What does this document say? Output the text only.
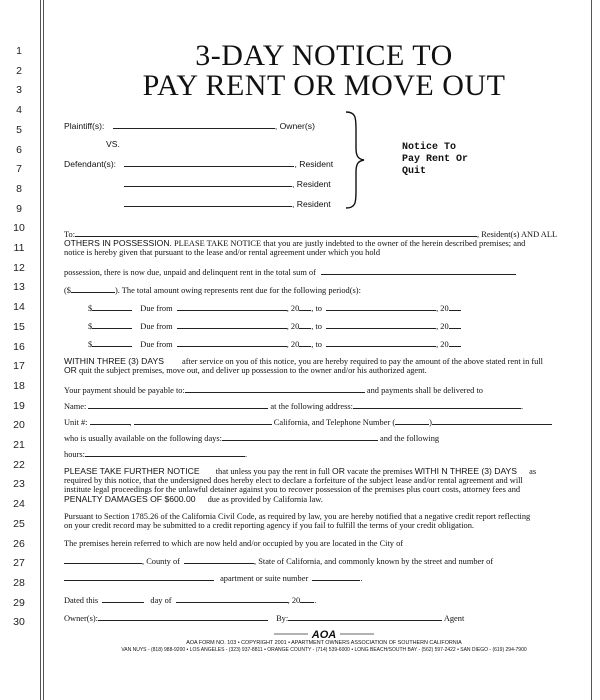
1
2
3
4
5
6
7
8
9
10
11
12
13
14
15
16
17
18
19
20
21
22
23
24
25
26
27
28
29
30
3-DAY NOTICE TO
PAY RENT OR MOVE OUT
Plaintiff(s):	, Owner(s)
VS.
Defendant(s):	, Resident
, Resident
, Resident
Notice To
Pay Rent Or
Quit
To:	, Resident(s) AND ALL
OTHERS IN POSSESSION. PLEASE TAKE NOTICE that you are justly indebted to the owner of the herein described premises; and
notice is hereby given that pursuant to the lease and/or rental agreement under which you hold
possession, there is now due, unpaid and delinquent rent in the total sum of
($	). The total amount owing represents rent due for the following period(s):
$	Due from	, 20 , to	, 20
$	Due from	, 20 , to	, 20
$	Due from	, 20 , to	, 20
WITHIN THREE (3) DAYS after service on you of this notice, you are hereby required to pay the amount of the above stated rent in full
OR quit the subject premises, move out, and deliver up possession to the owner and/or his authorized agent.
Your payment should be payable to:	and payments shall be delivered to
Name:	at the following address:	.
Unit #:	,	California, and Telephone Number (	)
who is usually available on the following days:	and the following
hours:	.
PLEASE TAKE FURTHER NOTICE that unless you pay the rent in full OR vacate the premises WITHI N THREE (3) DAYS as
required by this notice, that the undersigned does hereby elect to declare a forfeiture of the subject lease and/or rental agreement and will
institute legal proceedings for the unlawful detainer against you to recover possession of the premises plus court costs, attorney fees and
PENALTY DAMAGES OF $600.00 due as provided by California law.
Pursuant to Section 1785.26 of the California Civil Code, as required by law, you are hereby notified that a negative credit report reflecting
on your credit record may be submitted to a credit reporting agency if you fail to fulfill the terms of your credit obligation.
The premises herein referred to which are now held and/or occupied by you are located in the City of
, County of	, State of California, and commonly known by the street and number of
apartment or suite number	.
Dated this	day of	, 20 .
Owner(s):	By:	Agent
AOA
AOA FORM NO. 103 • COPYRIGHT 2001 • APARTMENT OWNERS ASSOCIATION OF SOUTHERN CALIFORNIA
VAN NUYS - (818) 988-9200 • LOS ANGELES - (323) 937-8811 • ORANGE COUNTY - (714) 539-6000 • LONG BEACH/SOUTH BAY - (562) 597-2422 • SAN DIEGO - (619) 294-7900
